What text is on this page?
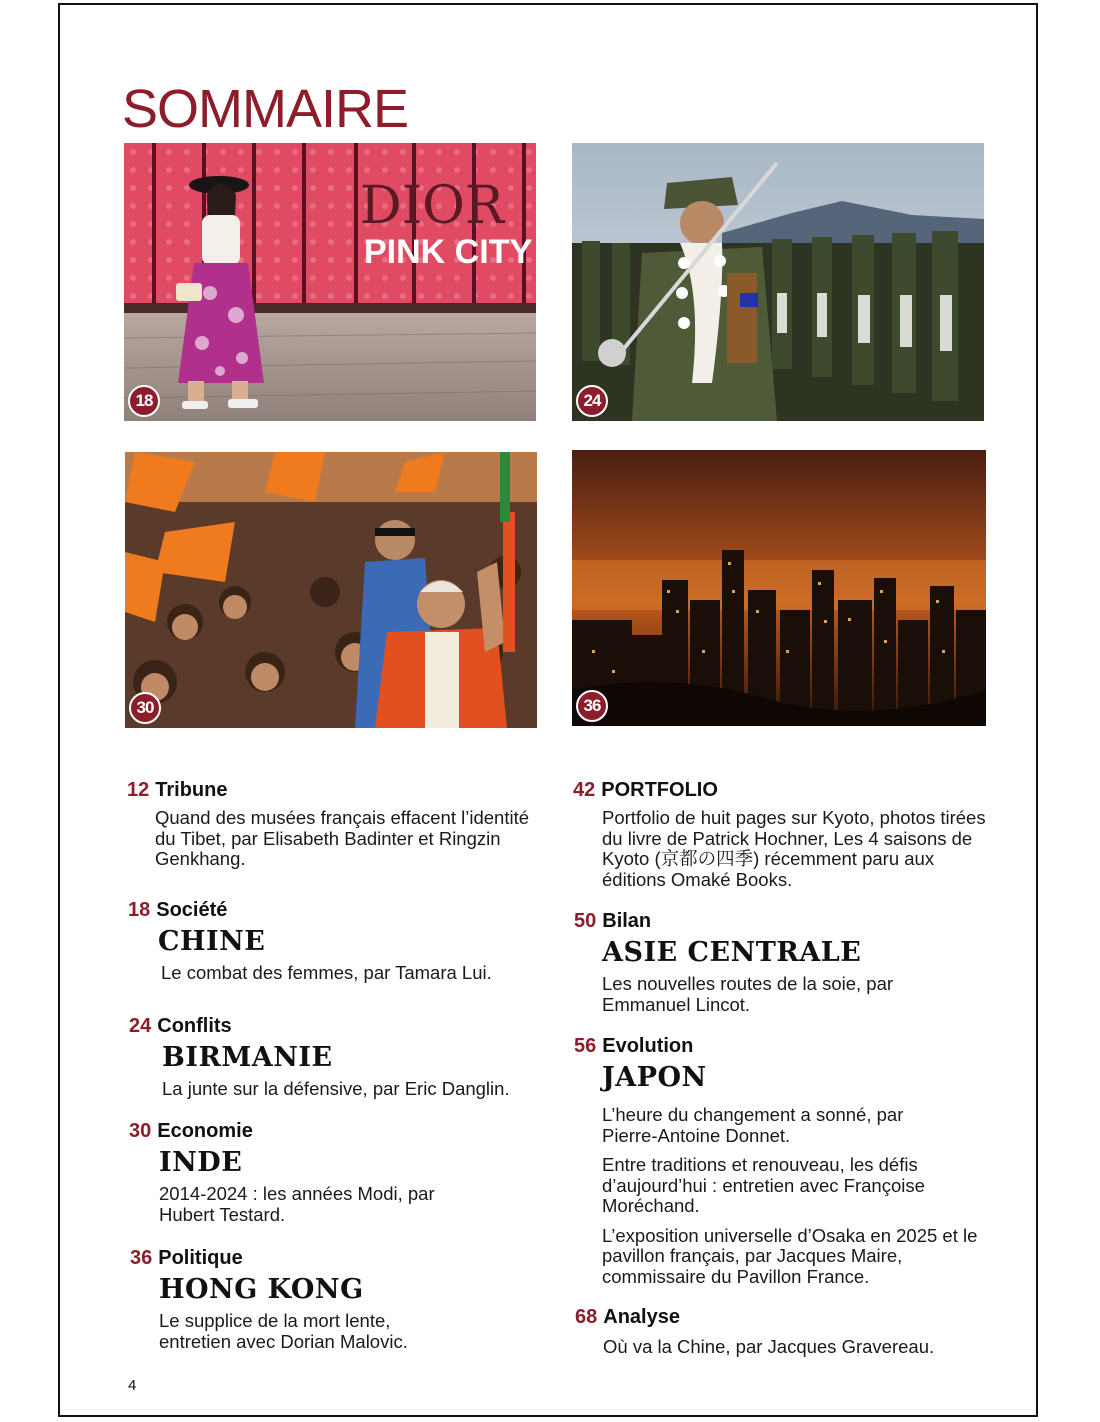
SOMMAIRE
DIOR
PINK CITY
18	24
30	36
12 Tribune
Quand des musées français effacent l’identité du Tibet, par Elisabeth Badinter et Ringzin Genkhang.
18 Société
CHINE
Le combat des femmes, par Tamara Lui.
24 Conflits
BIRMANIE
La junte sur la défensive, par Eric Danglin.
30 Economie
INDE
2014-2024 : les années Modi, par Hubert Testard.
36 Politique
HONG KONG
Le supplice de la mort lente, entretien avec Dorian Malovic.
42 PORTFOLIO
Portfolio de huit pages sur Kyoto, photos tirées du livre de Patrick Hochner, Les 4 saisons de Kyoto (京都の四季) récemment paru aux éditions Omaké Books.
50 Bilan
ASIE CENTRALE
Les nouvelles routes de la soie, par Emmanuel Lincot.
56 Evolution
JAPON
L’heure du changement a sonné, par Pierre-Antoine Donnet.
Entre traditions et renouveau, les défis d’aujourd’hui : entretien avec Françoise Moréchand.
L’exposition universelle d’Osaka en 2025 et le pavillon français, par Jacques Maire, commissaire du Pavillon France.
68 Analyse
Où va la Chine, par Jacques Gravereau.
4
